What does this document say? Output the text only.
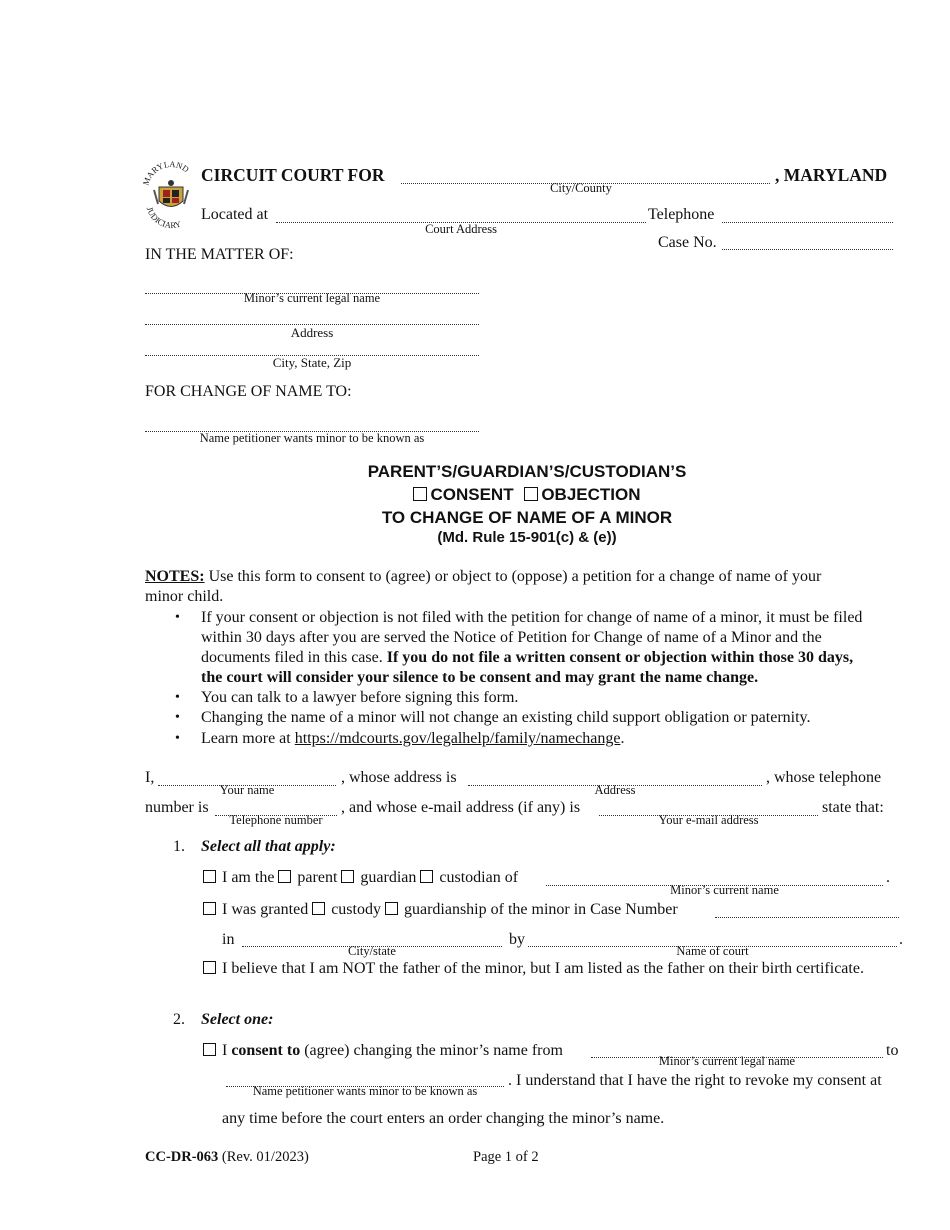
MARYLAND
JUDICIARY
CIRCUIT COURT FOR	, MARYLAND
City/County
Located at
Court Address
Telephone
Case No.
IN THE MATTER OF:
Minor’s current legal name
Address
City, State, Zip
FOR CHANGE OF NAME TO:
Name petitioner wants minor to be known as
PARENT’S/GUARDIAN’S/CUSTODIAN’S
CONSENT OBJECTION
TO CHANGE OF NAME OF A MINOR
(Md. Rule 15-901(c) & (e))
NOTES: Use this form to consent to (agree) or object to (oppose) a petition for a change of name of your
minor child.
• If your consent or objection is not filed with the petition for change of name of a minor, it must be filed
within 30 days after you are served the Notice of Petition for Change of name of a Minor and the
documents filed in this case. If you do not file a written consent or objection within those 30 days,
the court will consider your silence to be consent and may grant the name change.
• You can talk to a lawyer before signing this form.
• Changing the name of a minor will not change an existing child support obligation or paternity.
• Learn more at https://mdcourts.gov/legalhelp/family/namechange.
I,
Your name
, whose address is
Address
, whose telephone
number is
Telephone number
, and whose e-mail address (if any) is
Your e-mail address
state that:
1. Select all that apply:
I am the parent guardian custodian of
Minor’s current name
.
I was granted custody guardianship of the minor in Case Number
in
City/state
by
Name of court
.
I believe that I am NOT the father of the minor, but I am listed as the father on their birth certificate.
2. Select one:
I consent to (agree) changing the minor’s name from
Minor’s current legal name
to
Name petitioner wants minor to be known as
. I understand that I have the right to revoke my consent at
any time before the court enters an order changing the minor’s name.
CC-DR-063 (Rev. 01/2023)	Page 1 of 2
